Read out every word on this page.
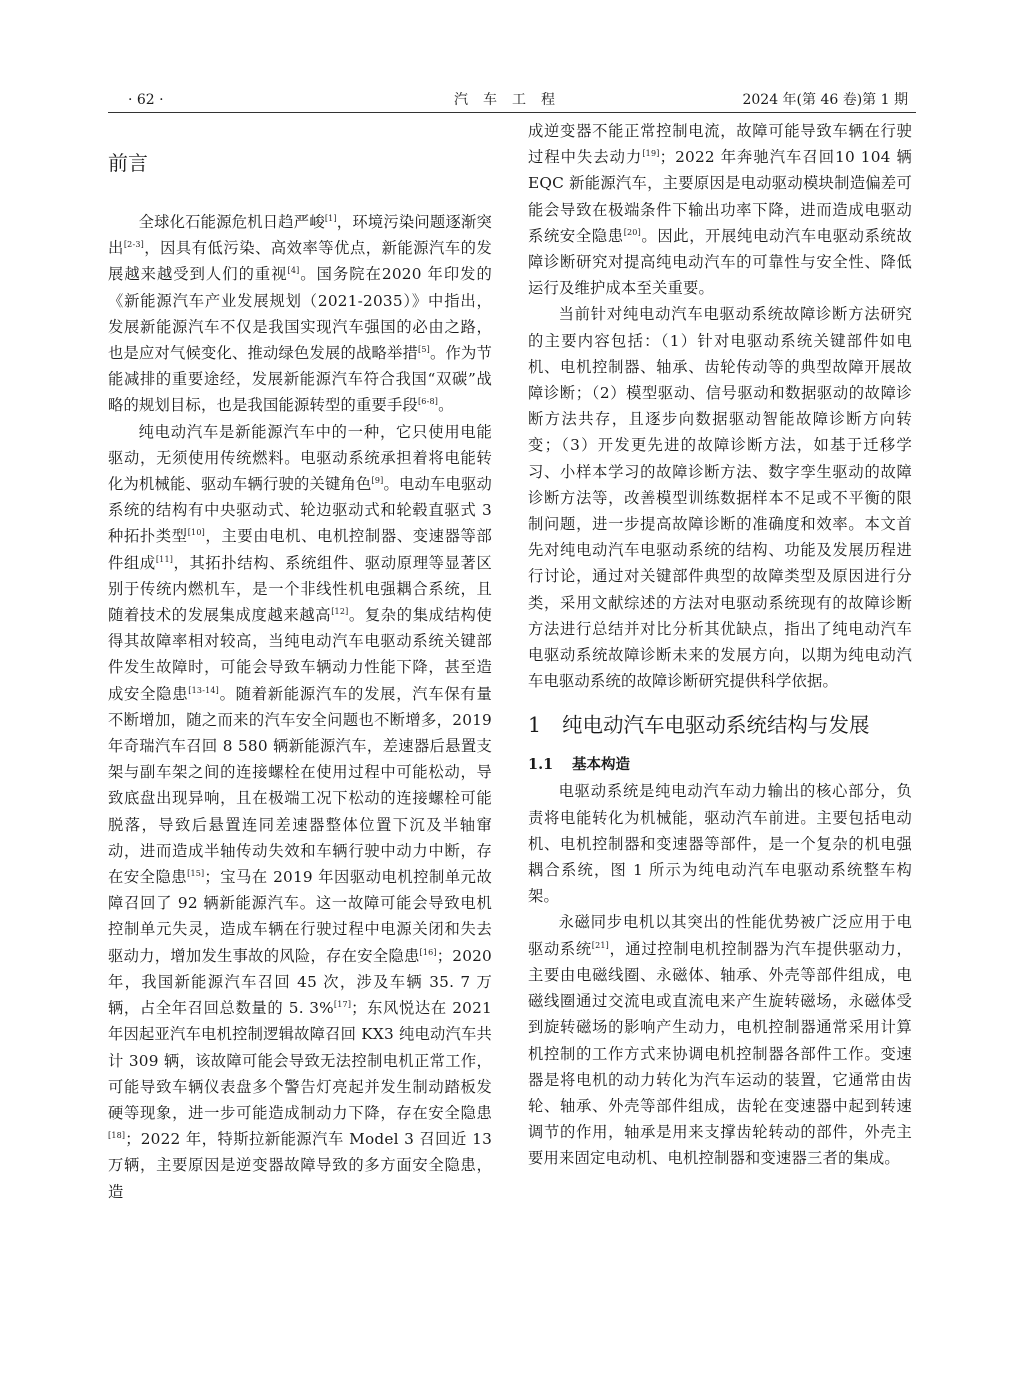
· 62 ·	汽车工程	2024 年(第 46 卷)第 1 期
前言

全球化石能源危机日趋严峻[1]，环境污染问题逐渐突出[2-3]，因具有低污染、高效率等优点，新能源汽车的发展越来越受到人们的重视[4]。国务院在2020 年印发的《新能源汽车产业发展规划（2021-2035）》中指出，发展新能源汽车不仅是我国实现汽车强国的必由之路，也是应对气候变化、推动绿色发展的战略举措[5]。作为节能减排的重要途经，发展新能源汽车符合我国“双碳”战略的规划目标，也是我国能源转型的重要手段[6-8]。

纯电动汽车是新能源汽车中的一种，它只使用电能驱动，无须使用传统燃料。电驱动系统承担着将电能转化为机械能、驱动车辆行驶的关键角色[9]。电动车电驱动系统的结构有中央驱动式、轮边驱动式和轮毂直驱式 3 种拓扑类型[10]，主要由电机、电机控制器、变速器等部件组成[11]，其拓扑结构、系统组件、驱动原理等显著区别于传统内燃机车，是一个非线性机电强耦合系统，且随着技术的发展集成度越来越高[12]。复杂的集成结构使得其故障率相对较高，当纯电动汽车电驱动系统关键部件发生故障时，可能会导致车辆动力性能下降，甚至造成安全隐患[13-14]。随着新能源汽车的发展，汽车保有量不断增加，随之而来的汽车安全问题也不断增多，2019年奇瑞汽车召回 8 580 辆新能源汽车，差速器后悬置支架与副车架之间的连接螺栓在使用过程中可能松动，导致底盘出现异响，且在极端工况下松动的连接螺栓可能脱落，导致后悬置连同差速器整体位置下沉及半轴窜动，进而造成半轴传动失效和车辆行驶中动力中断，存在安全隐患[15]；宝马在 2019 年因驱动电机控制单元故障召回了 92 辆新能源汽车。这一故障可能会导致电机控制单元失灵，造成车辆在行驶过程中电源关闭和失去驱动力，增加发生事故的风险，存在安全隐患[16]；2020 年，我国新能源汽车召回 45 次，涉及车辆 35. 7 万辆，占全年召回总数量的 5. 3%[17]；东风悦达在 2021 年因起亚汽车电机控制逻辑故障召回 KX3 纯电动汽车共计 309 辆，该故障可能会导致无法控制电机正常工作，可能导致车辆仪表盘多个警告灯亮起并发生制动踏板发硬等现象，进一步可能造成制动力下降，存在安全隐患[18]；2022 年，特斯拉新能源汽车 Model 3 召回近 13 万辆，主要原因是逆变器故障导致的多方面安全隐患，造

成逆变器不能正常控制电流，故障可能导致车辆在行驶过程中失去动力[19]；2022 年奔驰汽车召回10 104 辆 EQC 新能源汽车，主要原因是电动驱动模块制造偏差可能会导致在极端条件下输出功率下降，进而造成电驱动系统安全隐患[20]。因此，开展纯电动汽车电驱动系统故障诊断研究对提高纯电动汽车的可靠性与安全性、降低运行及维护成本至关重要。

当前针对纯电动汽车电驱动系统故障诊断方法研究的主要内容包括：（1）针对电驱动系统关键部件如电机、电机控制器、轴承、齿轮传动等的典型故障开展故障诊断；（2）模型驱动、信号驱动和数据驱动的故障诊断方法共存，且逐步向数据驱动智能故障诊断方向转变；（3）开发更先进的故障诊断方法，如基于迁移学习、小样本学习的故障诊断方法、数字孪生驱动的故障诊断方法等，改善模型训练数据样本不足或不平衡的限制问题，进一步提高故障诊断的准确度和效率。本文首先对纯电动汽车电驱动系统的结构、功能及发展历程进行讨论，通过对关键部件典型的故障类型及原因进行分类，采用文献综述的方法对电驱动系统现有的故障诊断方法进行总结并对比分析其优缺点，指出了纯电动汽车电驱动系统故障诊断未来的发展方向，以期为纯电动汽车电驱动系统的故障诊断研究提供科学依据。

1 纯电动汽车电驱动系统结构与发展
1.1 基本构造

电驱动系统是纯电动汽车动力输出的核心部分，负责将电能转化为机械能，驱动汽车前进。主要包括电动机、电机控制器和变速器等部件，是一个复杂的机电强耦合系统，图 1 所示为纯电动汽车电驱动系统整车构架。

永磁同步电机以其突出的性能优势被广泛应用于电驱动系统[21]，通过控制电机控制器为汽车提供驱动力，主要由电磁线圈、永磁体、轴承、外壳等部件组成，电磁线圈通过交流电或直流电来产生旋转磁场，永磁体受到旋转磁场的影响产生动力，电机控制器通常采用计算机控制的工作方式来协调电机控制器各部件工作。变速器是将电机的动力转化为汽车运动的装置，它通常由齿轮、轴承、外壳等部件组成，齿轮在变速器中起到转速调节的作用，轴承是用来支撑齿轮转动的部件，外壳主要用来固定电动机、电机控制器和变速器三者的集成。
